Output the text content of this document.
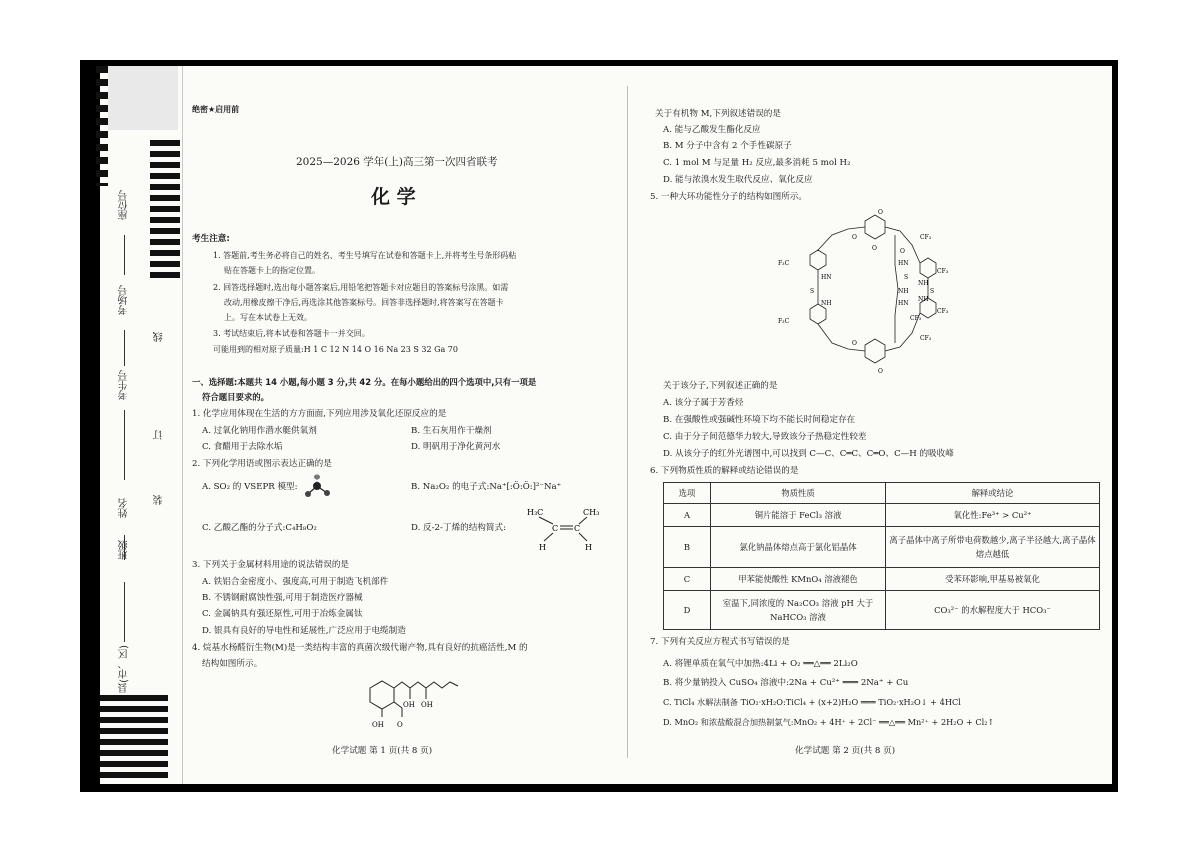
座位号
考场号
考生号
姓名
班级
县(市、区)
线
订
装
绝密★启用前
2025—2026 学年(上)高三第一次四省联考
化 学
考生注意:
1. 答题前,考生务必将自己的姓名、考生号填写在试卷和答题卡上,并将考生号条形码粘
贴在答题卡上的指定位置。
2. 回答选择题时,选出每小题答案后,用铅笔把答题卡对应题目的答案标号涂黑。如需
改动,用橡皮擦干净后,再选涂其他答案标号。回答非选择题时,将答案写在答题卡
上。写在本试卷上无效。
3. 考试结束后,将本试卷和答题卡一并交回。
可能用到的相对原子质量:H 1 C 12 N 14 O 16 Na 23 S 32 Ga 70
一、选择题:本题共 14 小题,每小题 3 分,共 42 分。在每小题给出的四个选项中,只有一项是
符合题目要求的。
1. 化学应用体现在生活的方方面面,下列应用涉及氧化还原反应的是
A. 过氧化钠用作潜水艇供氧剂	B. 生石灰用作干燥剂
C. 食醋用于去除水垢	D. 明矾用于净化黄河水
2. 下列化学用语或图示表达正确的是
A. SO₂ 的 VSEPR 模型:	B. Na₂O₂ 的电子式:Na⁺[:Ö:Ö:]²⁻Na⁺
C. 乙酸乙酯的分子式:C₄H₈O₂	D. 反-2-丁烯的结构简式:
H₃C	CH₃
C C
H	H
3. 下列关于金属材料用途的说法错误的是
A. 铁铝合金密度小、强度高,可用于制造飞机部件
B. 不锈钢耐腐蚀性强,可用于制造医疗器械
C. 金属钠具有强还原性,可用于冶炼金属钛
D. 银具有良好的导电性和延展性,广泛应用于电缆制造
4. 烷基水杨醛衍生物(M)是一类结构丰富的真菌次级代谢产物,具有良好的抗癌活性,M 的
结构如图所示。
OH OH
O
OH
化学试题 第 1 页(共 8 页)
关于有机物 M,下列叙述错误的是
A. 能与乙酸发生酯化反应
B. M 分子中含有 2 个手性碳原子
C. 1 mol M 与足量 H₂ 反应,最多消耗 5 mol H₂
D. 能与浓溴水发生取代反应、氧化反应
5. 一种大环功能性分子的结构如图所示。
O
O
O
O
O
O
CF₃
CF₃
CF₃
CF₃
F₃C
F₃C	CF₃
S
S
S
HN
HN
HN
NH
NH
NH
NH
关于该分子,下列叙述正确的是
A. 该分子属于芳香烃
B. 在强酸性或强碱性环境下均不能长时间稳定存在
C. 由于分子间范德华力较大,导致该分子热稳定性较差
D. 从该分子的红外光谱图中,可以找到 C—C、C═C、C═O、C—H 的吸收峰
6. 下列物质性质的解释或结论错误的是
选项	物质性质	解释或结论
A	铜片能溶于 FeCl₃ 溶液	氧化性:Fe³⁺ > Cu²⁺
B	氯化钠晶体熔点高于氯化铝晶体	离子晶体中离子所带电荷数越少,离子半径越大,离子晶体熔点越低
C	甲苯能使酸性 KMnO₄ 溶液褪色	受苯环影响,甲基易被氧化
D	室温下,同浓度的 Na₂CO₃ 溶液 pH 大于 NaHCO₃ 溶液	CO₃²⁻ 的水解程度大于 HCO₃⁻
7. 下列有关反应方程式书写错误的是
A. 将锂单质在氧气中加热:4Li + O₂ ══△══ 2Li₂O
B. 将少量钠投入 CuSO₄ 溶液中:2Na + Cu²⁺ ═══ 2Na⁺ + Cu
C. TiCl₄ 水解法制备 TiO₂·xH₂O:TiCl₄ + (x+2)H₂O ═══ TiO₂·xH₂O↓ + 4HCl
D. MnO₂ 和浓盐酸混合加热制氯气:MnO₂ + 4H⁺ + 2Cl⁻ ══△══ Mn²⁺ + 2H₂O + Cl₂↑
化学试题 第 2 页(共 8 页)
